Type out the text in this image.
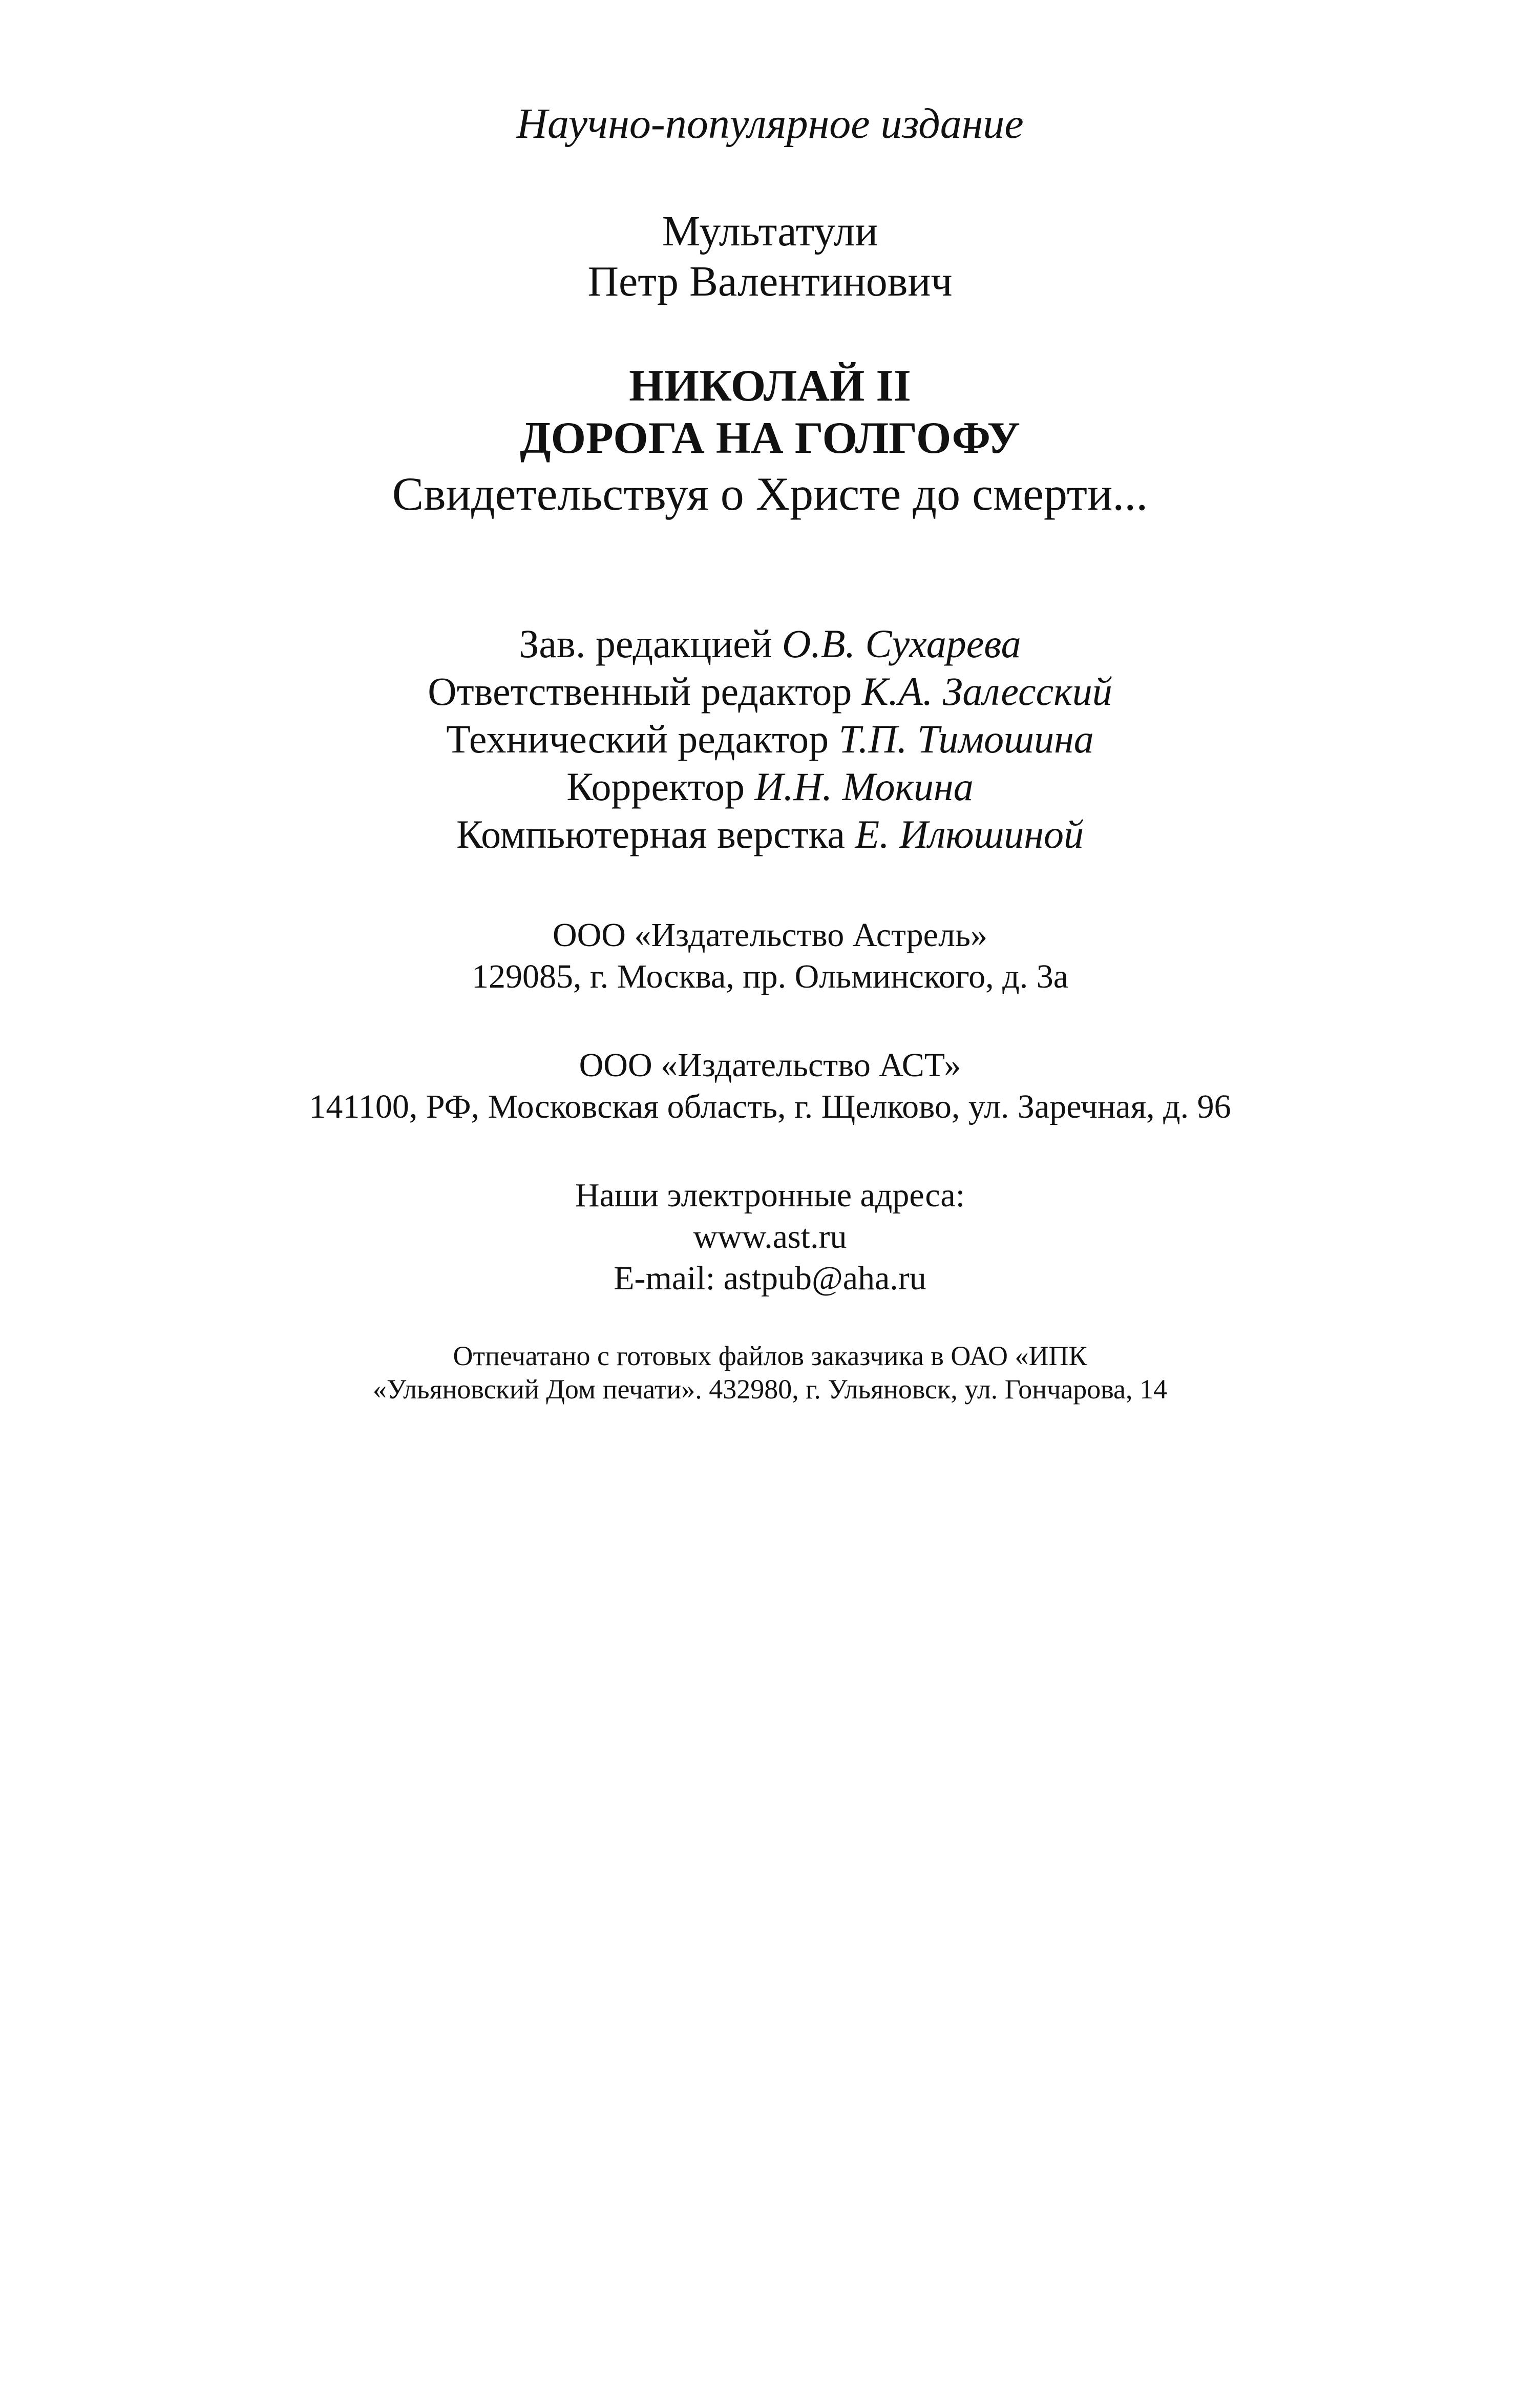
Научно-популярное издание
Мультатули
Петр Валентинович
НИКОЛАЙ II
ДОРОГА НА ГОЛГОФУ
Свидетельствуя о Христе до смерти...
Зав. редакцией О.В. Сухарева
Ответственный редактор К.А. Залесский
Технический редактор Т.П. Тимошина
Корректор И.Н. Мокина
Компьютерная верстка Е. Илюшиной
ООО «Издательство Астрель»
129085, г. Москва, пр. Ольминского, д. 3а
ООО «Издательство АСТ»
141100, РФ, Московская область, г. Щелково, ул. Заречная, д. 96
Наши электронные адреса:
www.ast.ru
E-mail: astpub@aha.ru
Отпечатано с готовых файлов заказчика в ОАО «ИПК
«Ульяновский Дом печати». 432980, г. Ульяновск, ул. Гончарова, 14
